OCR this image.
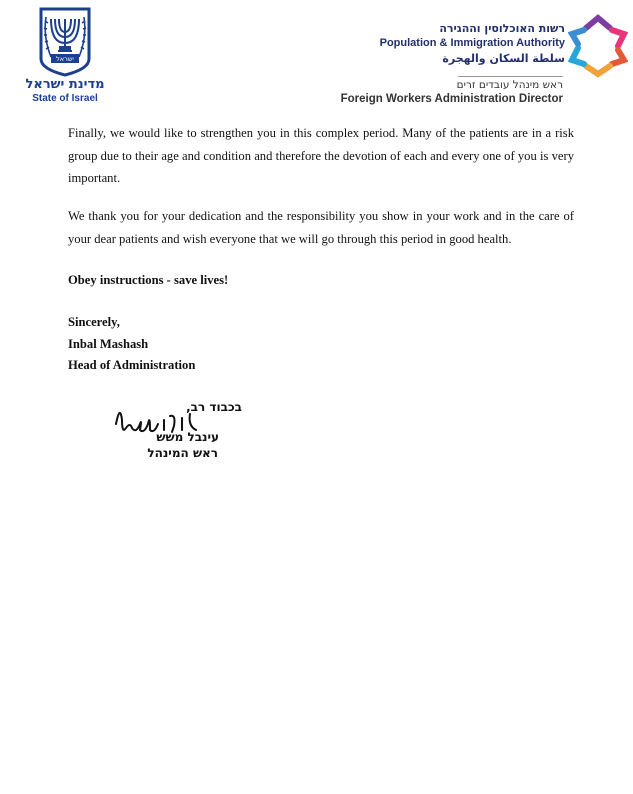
ישראל
מדינת ישראל
State of Israel
רשות האוכלוסין וההגירה
Population & Immigration Authority
سلطة السكان والهجرة
ראש מינהל עובדים זרים
Foreign Workers Administration Director

Finally, we would like to strengthen you in this complex period. Many of the patients are in a risk group due to their age and condition and therefore the devotion of each and every one of you is very important.

We thank you for your dedication and the responsibility you show in your work and in the care of your dear patients and wish everyone that we will go through this period in good health.

Obey instructions - save lives!

Sincerely,
Inbal Mashash
Head of Administration
בכבוד רב,
עינבל משש
ראש המינהל
